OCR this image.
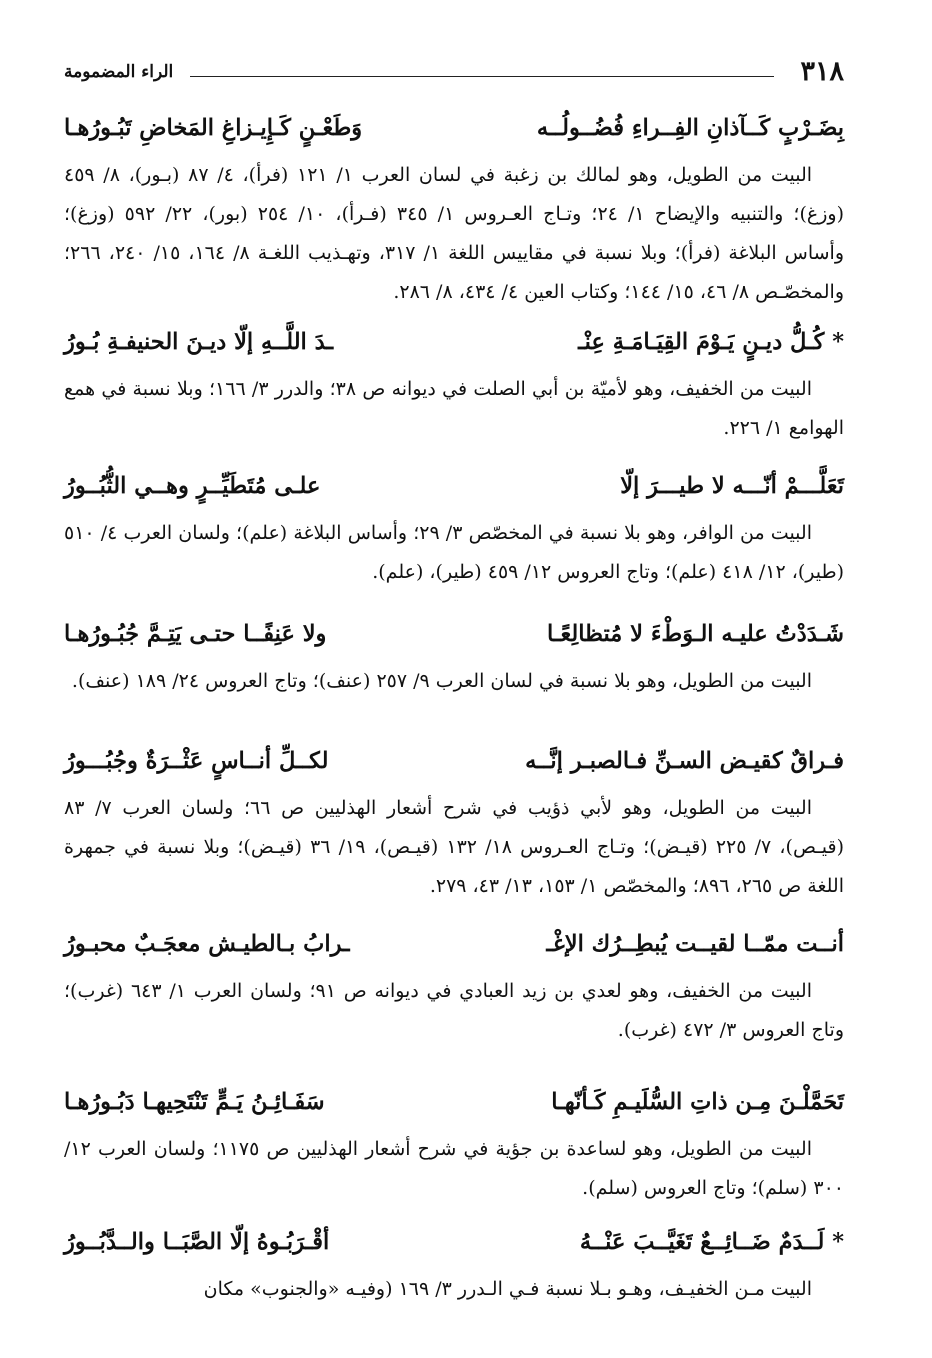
٣١٨
الراء المضمومة
بِضَـرْبٍ كَــآذانِ الفِــراءِ فُضُــولُــه
وَطَعْـنٍ كَـإِيـزاغِ المَخاضِ تَبُـورُهـا

البيت من الطويل، وهو لمالك بن زغبة في لسان العرب ١/ ١٢١ (فرأ)، ٤/ ٨٧ (بـور)، ٨/ ٤٥٩ (وزغ)؛ والتنبيه والإيضاح ١/ ٢٤؛ وتـاج العـروس ١/ ٣٤٥ (فـرأ)، ١٠/ ٢٥٤ (بور)، ٢٢/ ٥٩٢ (وزغ)؛ وأساس البلاغة (فرأ)؛ وبلا نسبة في مقاييس اللغة ١/ ٣١٧، وتهـذيب اللغـة ٨/ ١٦٤، ١٥/ ٢٤٠، ٢٦٦؛ والمخصّـص ٨/ ٤٦، ١٥/ ١٤٤؛ وكتاب العين ٤/ ٤٣٤، ٨/ ٢٨٦.

* كُـلُّ ديـنٍ يَـوْمَ القِيَـامَـةِ عِنْـ
ـدَ اللَّــهِ إلّا ديـنَ الحنيفـةِ بُـورُ

البيت من الخفيف، وهو لأميّة بن أبي الصلت في ديوانه ص ٣٨؛ والدرر ٣/ ١٦٦؛ وبلا نسبة في همع الهوامع ١/ ٢٢٦.

تَعَلَّـــمْ أنّـــه لا طيـــرَ إلّا
علـى مُتَطَيِّــرٍ وهــي الثُّبُــورُ

البيت من الوافر، وهو بلا نسبة في المخصّص ٣/ ٢٩؛ وأساس البلاغة (علم)؛ ولسان العرب ٤/ ٥١٠ (طير)، ١٢/ ٤١٨ (علم)؛ وتاج العروس ١٢/ ٤٥٩ (طير)، (علم).

شَـدَدْتُ عليـه الـوَطْءَ لا مُتظالِعًـا
ولا عَنِفًــا حتـى يَتِـمَّ جُبُـورُهـا

البيت من الطويل، وهو بلا نسبة في لسان العرب ٩/ ٢٥٧ (عنف)؛ وتاج العروس ٢٤/ ١٨٩ (عنف).

فـراقٌ كقيـض السـنِّ فـالصبـر إنَّــه
لكــلِّ أنــاسٍ عَثْــرَةٌ وجُبُـــورُ

البيت من الطويل، وهو لأبي ذؤيب في شرح أشعار الهذليين ص ٦٦؛ ولسان العرب ٧/ ٨٣ (قيـص)، ٧/ ٢٢٥ (قيـض)؛ وتـاج العـروس ١٨/ ١٣٢ (قيـص)، ١٩/ ٣٦ (قيـض)؛ وبلا نسبة في جمهرة اللغة ص ٢٦٥، ٨٩٦؛ والمخصّص ١/ ١٥٣، ١٣/ ٤٣، ٢٧٩.

أنــت ممّــا لقيــت يُبطِــرُك الإغْـ
ـرابُ بـالطيـش معجَـبٌ محبـورُ

البيت من الخفيف، وهو لعدي بن زيد العبادي في ديوانه ص ٩١؛ ولسان العرب ١/ ٦٤٣ (غرب)؛ وتاج العروس ٣/ ٤٧٢ (غرب).

تَحَمَّلْـنَ مِـن ذاتِ السُّلَيـمِ كَـأنّهـا
سَفَـائِـنُ يَـمٍّ تَنْتَحِيهـا دَبُـورُهـا

البيت من الطويل، وهو لساعدة بن جؤية في شرح أشعار الهذليين ص ١١٧٥؛ ولسان العرب ١٢/ ٣٠٠ (سلم)؛ وتاج العروس (سلم).

* لَــدَمٌ ضَــائِــعٌ تَغَيَّــبَ عَنْــهُ
أقْـرَبُـوهُ إلّا الصَّبَــا والــدَّبُــورُ

البيت مـن الخفيـف، وهـو بـلا نسبة فـي الـدرر ٣/ ١٦٩ (وفيـه «والجنوب» مكان
